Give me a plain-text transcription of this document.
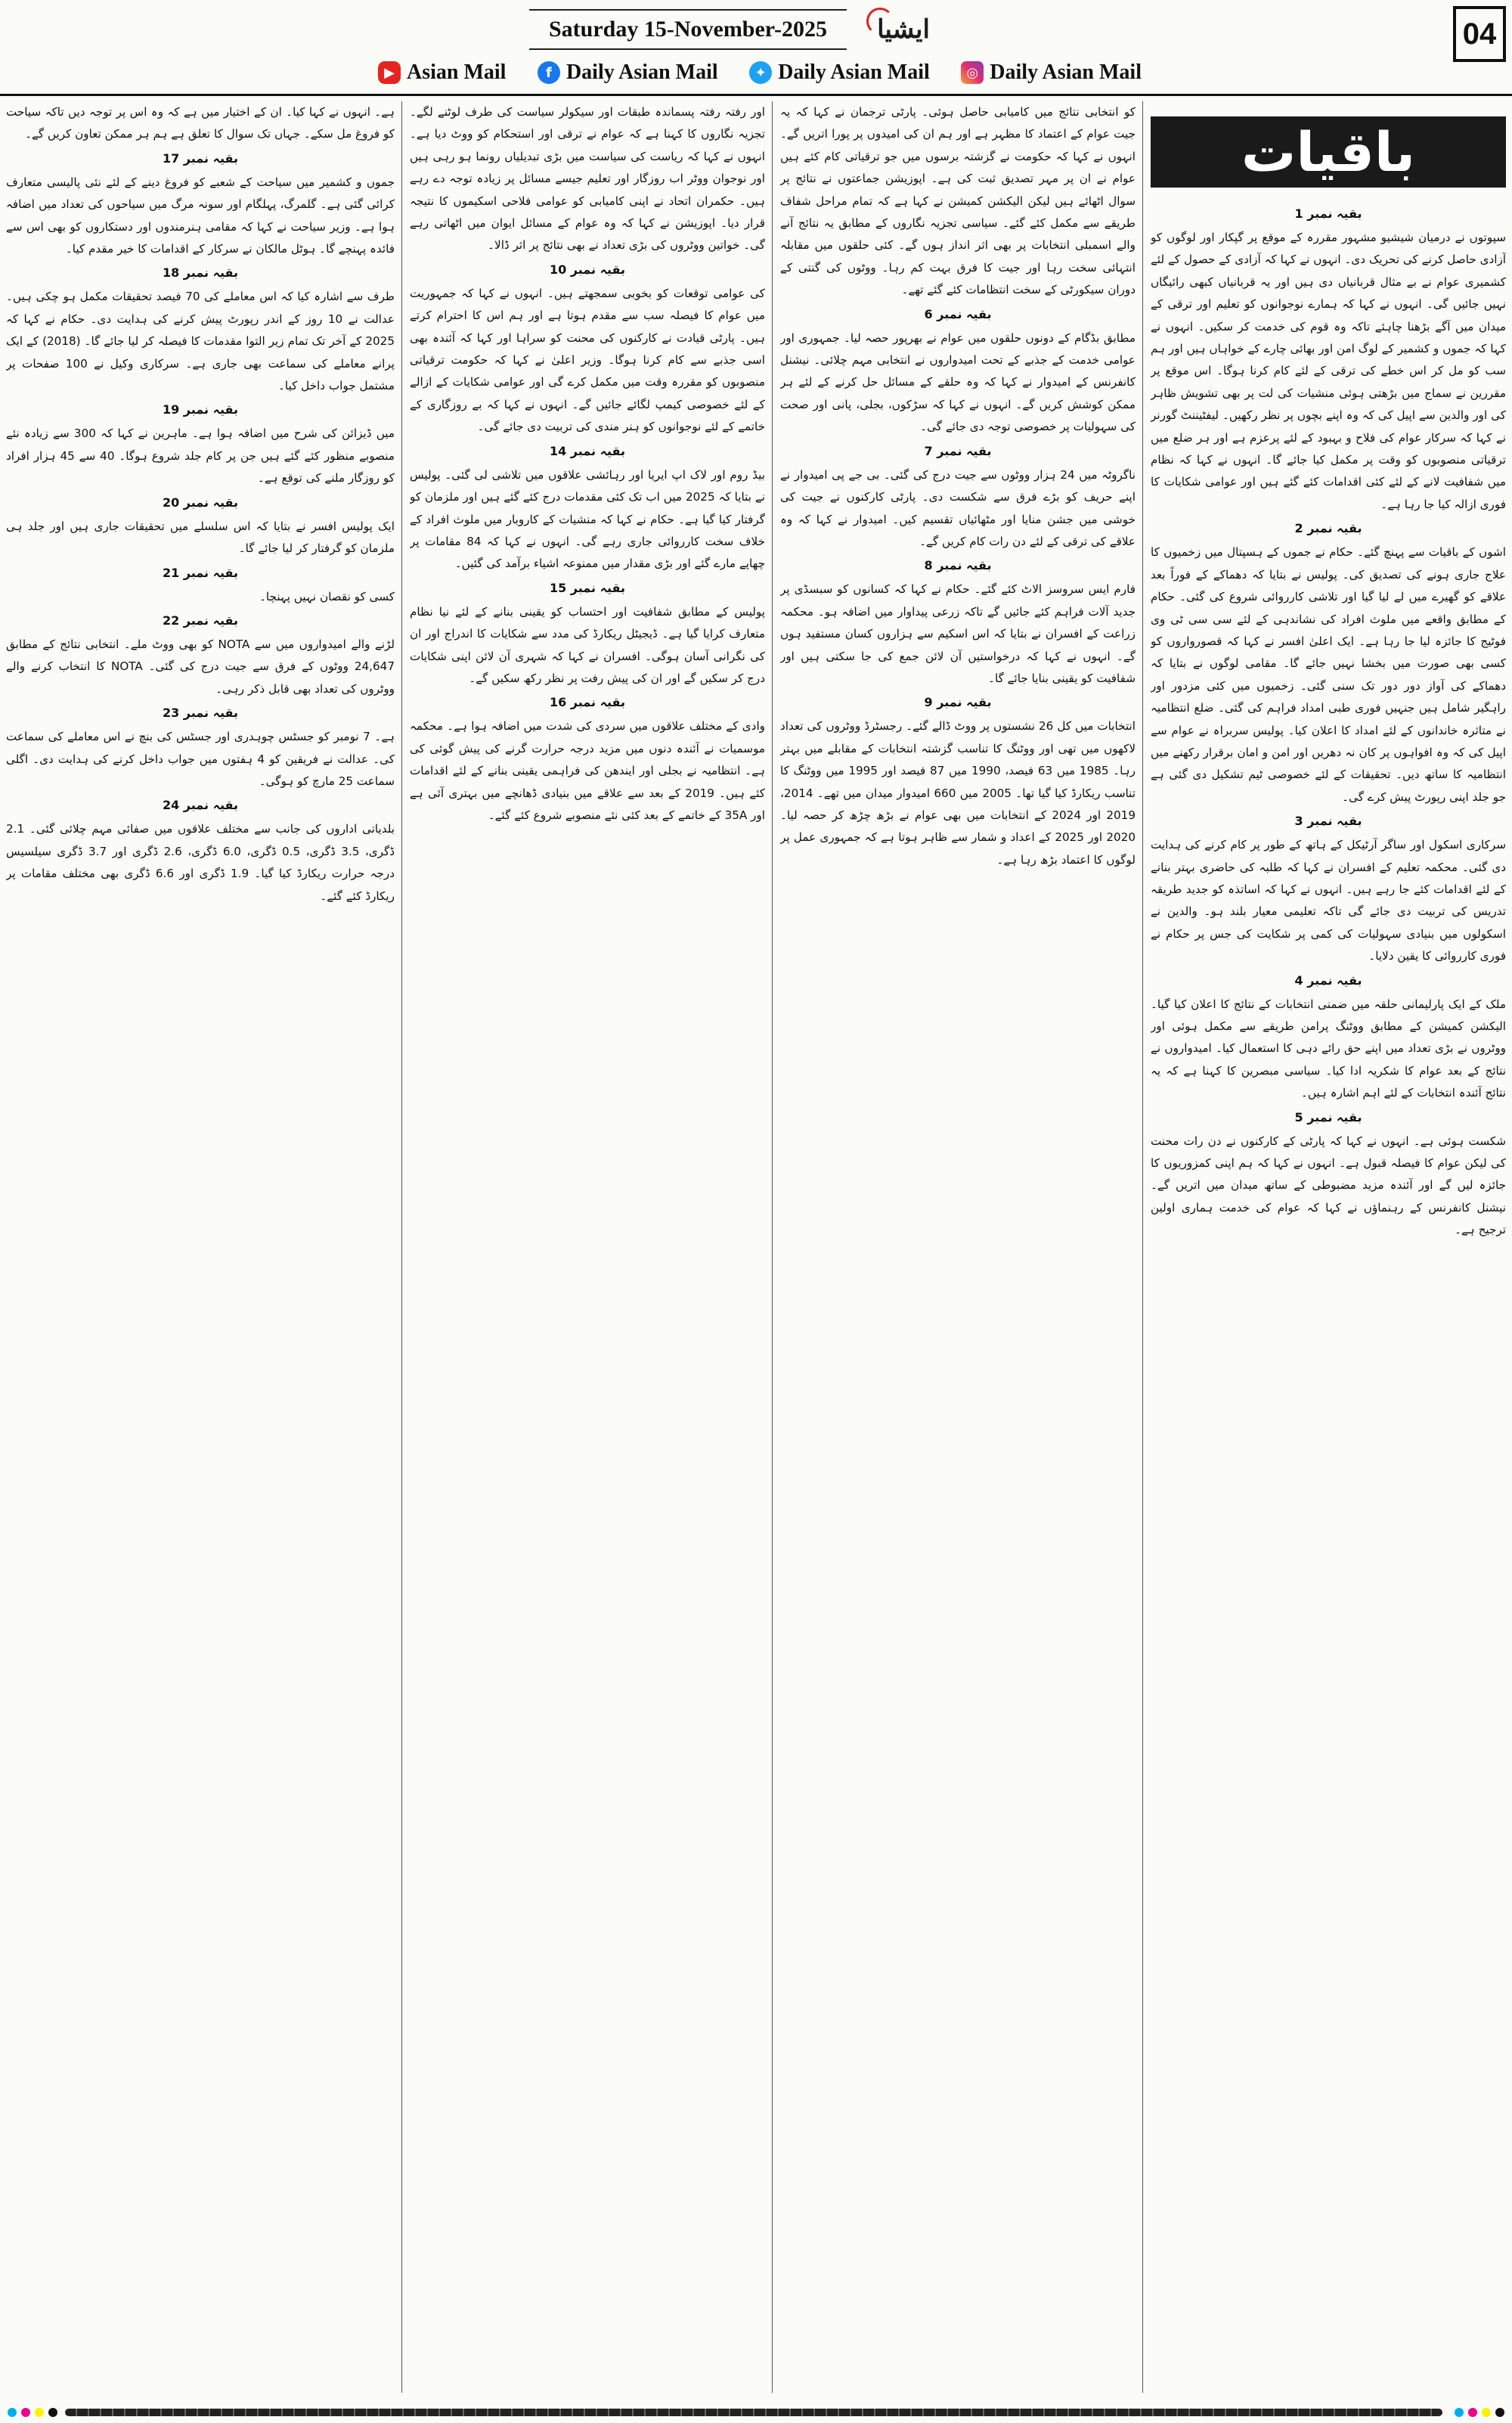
Saturday 15-November-2025 ایشیا	04
▶ Asian Mail	f Daily Asian Mail	✦ Daily Asian Mail	◎ Daily Asian Mail
باقیات
بقیہ نمبر 1

سپوتوں نے درمیان شیشیو مشہور مقررہ کے موقع پر گپکار اور لوگوں کو آزادی حاصل کرنے کی تحریک دی۔ انہوں نے کہا کہ آزادی کے حصول کے لئے کشمیری عوام نے بے مثال قربانیاں دی ہیں اور یہ قربانیاں کبھی رائیگاں نہیں جائیں گی۔ انہوں نے کہا کہ ہمارے نوجوانوں کو تعلیم اور ترقی کے میدان میں آگے بڑھنا چاہئے تاکہ وہ قوم کی خدمت کر سکیں۔ انہوں نے کہا کہ جموں و کشمیر کے لوگ امن اور بھائی چارے کے خواہاں ہیں اور ہم سب کو مل کر اس خطے کی ترقی کے لئے کام کرنا ہوگا۔ اس موقع پر مقررین نے سماج میں بڑھتی ہوئی منشیات کی لت پر بھی تشویش ظاہر کی اور والدین سے اپیل کی کہ وہ اپنے بچوں پر نظر رکھیں۔ لیفٹیننٹ گورنر نے کہا کہ سرکار عوام کی فلاح و بہبود کے لئے پرعزم ہے اور ہر ضلع میں ترقیاتی منصوبوں کو وقت پر مکمل کیا جائے گا۔ انہوں نے کہا کہ نظام میں شفافیت لانے کے لئے کئی اقدامات کئے گئے ہیں اور عوامی شکایات کا فوری ازالہ کیا جا رہا ہے۔

بقیہ نمبر 2

اشوں کے باقیات سے پہنچ گئے۔ حکام نے جموں کے ہسپتال میں زخمیوں کا علاج جاری ہونے کی تصدیق کی۔ پولیس نے بتایا کہ دھماکے کے فوراً بعد علاقے کو گھیرے میں لے لیا گیا اور تلاشی کارروائی شروع کی گئی۔ حکام کے مطابق واقعے میں ملوث افراد کی نشاندہی کے لئے سی سی ٹی وی فوٹیج کا جائزہ لیا جا رہا ہے۔ ایک اعلیٰ افسر نے کہا کہ قصورواروں کو کسی بھی صورت میں بخشا نہیں جائے گا۔ مقامی لوگوں نے بتایا کہ دھماکے کی آواز دور دور تک سنی گئی۔ زخمیوں میں کئی مزدور اور راہگیر شامل ہیں جنہیں فوری طبی امداد فراہم کی گئی۔ ضلع انتظامیہ نے متاثرہ خاندانوں کے لئے امداد کا اعلان کیا۔ پولیس سربراہ نے عوام سے اپیل کی کہ وہ افواہوں پر کان نہ دھریں اور امن و امان برقرار رکھنے میں انتظامیہ کا ساتھ دیں۔ تحقیقات کے لئے خصوصی ٹیم تشکیل دی گئی ہے جو جلد اپنی رپورٹ پیش کرے گی۔

بقیہ نمبر 3

سرکاری اسکول اور ساگر آرٹیکل کے ہاتھ کے طور پر کام کرنے کی ہدایت دی گئی۔ محکمہ تعلیم کے افسران نے کہا کہ طلبہ کی حاضری بہتر بنانے کے لئے اقدامات کئے جا رہے ہیں۔ انہوں نے کہا کہ اساتذہ کو جدید طریقہ تدریس کی تربیت دی جائے گی تاکہ تعلیمی معیار بلند ہو۔ والدین نے اسکولوں میں بنیادی سہولیات کی کمی پر شکایت کی جس پر حکام نے فوری کارروائی کا یقین دلایا۔

بقیہ نمبر 4

ملک کے ایک پارلیمانی حلقہ میں ضمنی انتخابات کے نتائج کا اعلان کیا گیا۔ الیکشن کمیشن کے مطابق ووٹنگ پرامن طریقے سے مکمل ہوئی اور ووٹروں نے بڑی تعداد میں اپنے حق رائے دہی کا استعمال کیا۔ امیدواروں نے نتائج کے بعد عوام کا شکریہ ادا کیا۔ سیاسی مبصرین کا کہنا ہے کہ یہ نتائج آئندہ انتخابات کے لئے اہم اشارہ ہیں۔

بقیہ نمبر 5

شکست ہوئی ہے۔ انہوں نے کہا کہ پارٹی کے کارکنوں نے دن رات محنت کی لیکن عوام کا فیصلہ قبول ہے۔ انہوں نے کہا کہ ہم اپنی کمزوریوں کا جائزہ لیں گے اور آئندہ مزید مضبوطی کے ساتھ میدان میں اتریں گے۔ نیشنل کانفرنس کے رہنماؤں نے کہا کہ عوام کی خدمت ہماری اولین ترجیح ہے۔

کو انتخابی نتائج میں کامیابی حاصل ہوئی۔ پارٹی ترجمان نے کہا کہ یہ جیت عوام کے اعتماد کا مظہر ہے اور ہم ان کی امیدوں پر پورا اتریں گے۔ انہوں نے کہا کہ حکومت نے گزشتہ برسوں میں جو ترقیاتی کام کئے ہیں عوام نے ان پر مہر تصدیق ثبت کی ہے۔ اپوزیشن جماعتوں نے نتائج پر سوال اٹھائے ہیں لیکن الیکشن کمیشن نے کہا ہے کہ تمام مراحل شفاف طریقے سے مکمل کئے گئے۔ سیاسی تجزیہ نگاروں کے مطابق یہ نتائج آنے والے اسمبلی انتخابات پر بھی اثر انداز ہوں گے۔ کئی حلقوں میں مقابلہ انتہائی سخت رہا اور جیت کا فرق بہت کم رہا۔ ووٹوں کی گنتی کے دوران سیکورٹی کے سخت انتظامات کئے گئے تھے۔

بقیہ نمبر 6

مطابق بڈگام کے دونوں حلقوں میں عوام نے بھرپور حصہ لیا۔ جمہوری اور عوامی خدمت کے جذبے کے تحت امیدواروں نے انتخابی مہم چلائی۔ نیشنل کانفرنس کے امیدوار نے کہا کہ وہ حلقے کے مسائل حل کرنے کے لئے ہر ممکن کوشش کریں گے۔ انہوں نے کہا کہ سڑکوں، بجلی، پانی اور صحت کی سہولیات پر خصوصی توجہ دی جائے گی۔

بقیہ نمبر 7

ناگروٹہ میں 24 ہزار ووٹوں سے جیت درج کی گئی۔ بی جے پی امیدوار نے اپنے حریف کو بڑے فرق سے شکست دی۔ پارٹی کارکنوں نے جیت کی خوشی میں جشن منایا اور مٹھائیاں تقسیم کیں۔ امیدوار نے کہا کہ وہ علاقے کی ترقی کے لئے دن رات کام کریں گے۔

بقیہ نمبر 8

فارم ایس سروسز الاٹ کئے گئے۔ حکام نے کہا کہ کسانوں کو سبسڈی پر جدید آلات فراہم کئے جائیں گے تاکہ زرعی پیداوار میں اضافہ ہو۔ محکمہ زراعت کے افسران نے بتایا کہ اس اسکیم سے ہزاروں کسان مستفید ہوں گے۔ انہوں نے کہا کہ درخواستیں آن لائن جمع کی جا سکتی ہیں اور شفافیت کو یقینی بنایا جائے گا۔

بقیہ نمبر 9

انتخابات میں کل 26 نشستوں پر ووٹ ڈالے گئے۔ رجسٹرڈ ووٹروں کی تعداد لاکھوں میں تھی اور ووٹنگ کا تناسب گزشتہ انتخابات کے مقابلے میں بہتر رہا۔ 1985 میں 63 فیصد، 1990 میں 87 فیصد اور 1995 میں ووٹنگ کا تناسب ریکارڈ کیا گیا تھا۔ 2005 میں 660 امیدوار میدان میں تھے۔ 2014، 2019 اور 2024 کے انتخابات میں بھی عوام نے بڑھ چڑھ کر حصہ لیا۔ 2020 اور 2025 کے اعداد و شمار سے ظاہر ہوتا ہے کہ جمہوری عمل پر لوگوں کا اعتماد بڑھ رہا ہے۔

اور رفتہ رفتہ پسماندہ طبقات اور سیکولر سیاست کی طرف لوٹنے لگے۔ تجزیہ نگاروں کا کہنا ہے کہ عوام نے ترقی اور استحکام کو ووٹ دیا ہے۔ انہوں نے کہا کہ ریاست کی سیاست میں بڑی تبدیلیاں رونما ہو رہی ہیں اور نوجوان ووٹر اب روزگار اور تعلیم جیسے مسائل پر زیادہ توجہ دے رہے ہیں۔ حکمران اتحاد نے اپنی کامیابی کو عوامی فلاحی اسکیموں کا نتیجہ قرار دیا۔ اپوزیشن نے کہا کہ وہ عوام کے مسائل ایوان میں اٹھاتی رہے گی۔ خواتین ووٹروں کی بڑی تعداد نے بھی نتائج پر اثر ڈالا۔

بقیہ نمبر 10

کی عوامی توقعات کو بخوبی سمجھتے ہیں۔ انہوں نے کہا کہ جمہوریت میں عوام کا فیصلہ سب سے مقدم ہوتا ہے اور ہم اس کا احترام کرتے ہیں۔ پارٹی قیادت نے کارکنوں کی محنت کو سراہا اور کہا کہ آئندہ بھی اسی جذبے سے کام کرنا ہوگا۔ وزیر اعلیٰ نے کہا کہ حکومت ترقیاتی منصوبوں کو مقررہ وقت میں مکمل کرے گی اور عوامی شکایات کے ازالے کے لئے خصوصی کیمپ لگائے جائیں گے۔ انہوں نے کہا کہ بے روزگاری کے خاتمے کے لئے نوجوانوں کو ہنر مندی کی تربیت دی جائے گی۔

بقیہ نمبر 14

بیڈ روم اور لاک اپ ایریا اور رہائشی علاقوں میں تلاشی لی گئی۔ پولیس نے بتایا کہ 2025 میں اب تک کئی مقدمات درج کئے گئے ہیں اور ملزمان کو گرفتار کیا گیا ہے۔ حکام نے کہا کہ منشیات کے کاروبار میں ملوث افراد کے خلاف سخت کارروائی جاری رہے گی۔ انہوں نے کہا کہ 84 مقامات پر چھاپے مارے گئے اور بڑی مقدار میں ممنوعہ اشیاء برآمد کی گئیں۔

بقیہ نمبر 15

پولیس کے مطابق شفافیت اور احتساب کو یقینی بنانے کے لئے نیا نظام متعارف کرایا گیا ہے۔ ڈیجیٹل ریکارڈ کی مدد سے شکایات کا اندراج اور ان کی نگرانی آسان ہوگی۔ افسران نے کہا کہ شہری آن لائن اپنی شکایات درج کر سکیں گے اور ان کی پیش رفت پر نظر رکھ سکیں گے۔

بقیہ نمبر 16

وادی کے مختلف علاقوں میں سردی کی شدت میں اضافہ ہوا ہے۔ محکمہ موسمیات نے آئندہ دنوں میں مزید درجہ حرارت گرنے کی پیش گوئی کی ہے۔ انتظامیہ نے بجلی اور ایندھن کی فراہمی یقینی بنانے کے لئے اقدامات کئے ہیں۔ 2019 کے بعد سے علاقے میں بنیادی ڈھانچے میں بہتری آئی ہے اور 35A کے خاتمے کے بعد کئی نئے منصوبے شروع کئے گئے۔

ہے۔ انہوں نے کہا کیا۔ ان کے اختیار میں ہے کہ وہ اس پر توجہ دیں تاکہ سیاحت کو فروغ مل سکے۔ جہاں تک سوال کا تعلق ہے ہم ہر ممکن تعاون کریں گے۔

بقیہ نمبر 17

جموں و کشمیر میں سیاحت کے شعبے کو فروغ دینے کے لئے نئی پالیسی متعارف کرائی گئی ہے۔ گلمرگ، پہلگام اور سونہ مرگ میں سیاحوں کی تعداد میں اضافہ ہوا ہے۔ وزیر سیاحت نے کہا کہ مقامی ہنرمندوں اور دستکاروں کو بھی اس سے فائدہ پہنچے گا۔ ہوٹل مالکان نے سرکار کے اقدامات کا خیر مقدم کیا۔

بقیہ نمبر 18

طرف سے اشارہ کیا کہ اس معاملے کی 70 فیصد تحقیقات مکمل ہو چکی ہیں۔ عدالت نے 10 روز کے اندر رپورٹ پیش کرنے کی ہدایت دی۔ حکام نے کہا کہ 2025 کے آخر تک تمام زیر التوا مقدمات کا فیصلہ کر لیا جائے گا۔ (2018) کے ایک پرانے معاملے کی سماعت بھی جاری ہے۔ سرکاری وکیل نے 100 صفحات پر مشتمل جواب داخل کیا۔

بقیہ نمبر 19

میں ڈیزائن کی شرح میں اضافہ ہوا ہے۔ ماہرین نے کہا کہ 300 سے زیادہ نئے منصوبے منظور کئے گئے ہیں جن پر کام جلد شروع ہوگا۔ 40 سے 45 ہزار افراد کو روزگار ملنے کی توقع ہے۔

بقیہ نمبر 20

ایک پولیس افسر نے بتایا کہ اس سلسلے میں تحقیقات جاری ہیں اور جلد ہی ملزمان کو گرفتار کر لیا جائے گا۔

بقیہ نمبر 21

کسی کو نقصان نہیں پہنچا۔

بقیہ نمبر 22

لڑنے والے امیدواروں میں سے NOTA کو بھی ووٹ ملے۔ انتخابی نتائج کے مطابق 24,647 ووٹوں کے فرق سے جیت درج کی گئی۔ NOTA کا انتخاب کرنے والے ووٹروں کی تعداد بھی قابل ذکر رہی۔

بقیہ نمبر 23

ہے۔ 7 نومبر کو جسٹس چوہدری اور جسٹس کی بنچ نے اس معاملے کی سماعت کی۔ عدالت نے فریقین کو 4 ہفتوں میں جواب داخل کرنے کی ہدایت دی۔ اگلی سماعت 25 مارچ کو ہوگی۔

بقیہ نمبر 24

بلدیاتی اداروں کی جانب سے مختلف علاقوں میں صفائی مہم چلائی گئی۔ 2.1 ڈگری، 3.5 ڈگری، 0.5 ڈگری، 6.0 ڈگری، 2.6 ڈگری اور 3.7 ڈگری سیلسیس درجہ حرارت ریکارڈ کیا گیا۔ 1.9 ڈگری اور 6.6 ڈگری بھی مختلف مقامات پر ریکارڈ کئے گئے۔
